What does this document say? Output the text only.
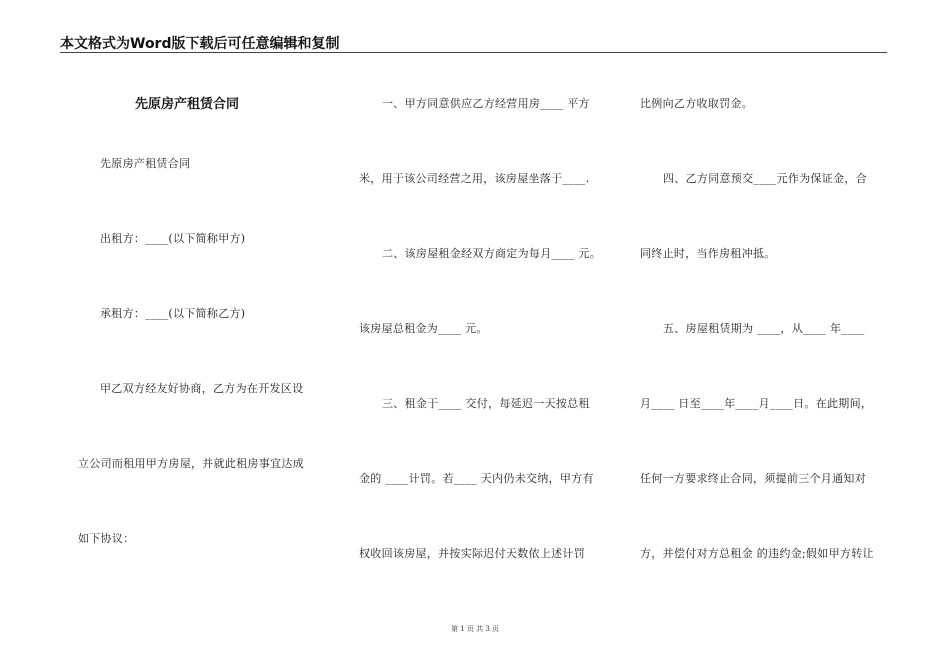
本文格式为Word版下载后可任意编辑和复制
先原房产租赁合同
先原房产租赁合同
出租方：____(以下简称甲方)
承租方：____(以下简称乙方)
甲乙双方经友好协商，乙方为在开发区设
立公司而租用甲方房屋，并就此租房事宜达成
如下协议：
一、甲方同意供应乙方经营用房____ 平方
米，用于该公司经营之用，该房屋坐落于____.
二、该房屋租金经双方商定为每月____ 元。
该房屋总租金为____ 元。
三、租金于____ 交付，每延迟一天按总租
金的 ____计罚。若____ 天内仍未交纳，甲方有
权收回该房屋，并按实际迟付天数依上述计罚
比例向乙方收取罚金。
四、乙方同意预交____元作为保证金，合
同终止时，当作房租冲抵。
五、房屋租赁期为 ____，从____ 年____
月____ 日至____年____月____日。在此期间，
任何一方要求终止合同，须提前三个月通知对
方，并偿付对方总租金 的违约金;假如甲方转让
第 1 页 共 3 页
